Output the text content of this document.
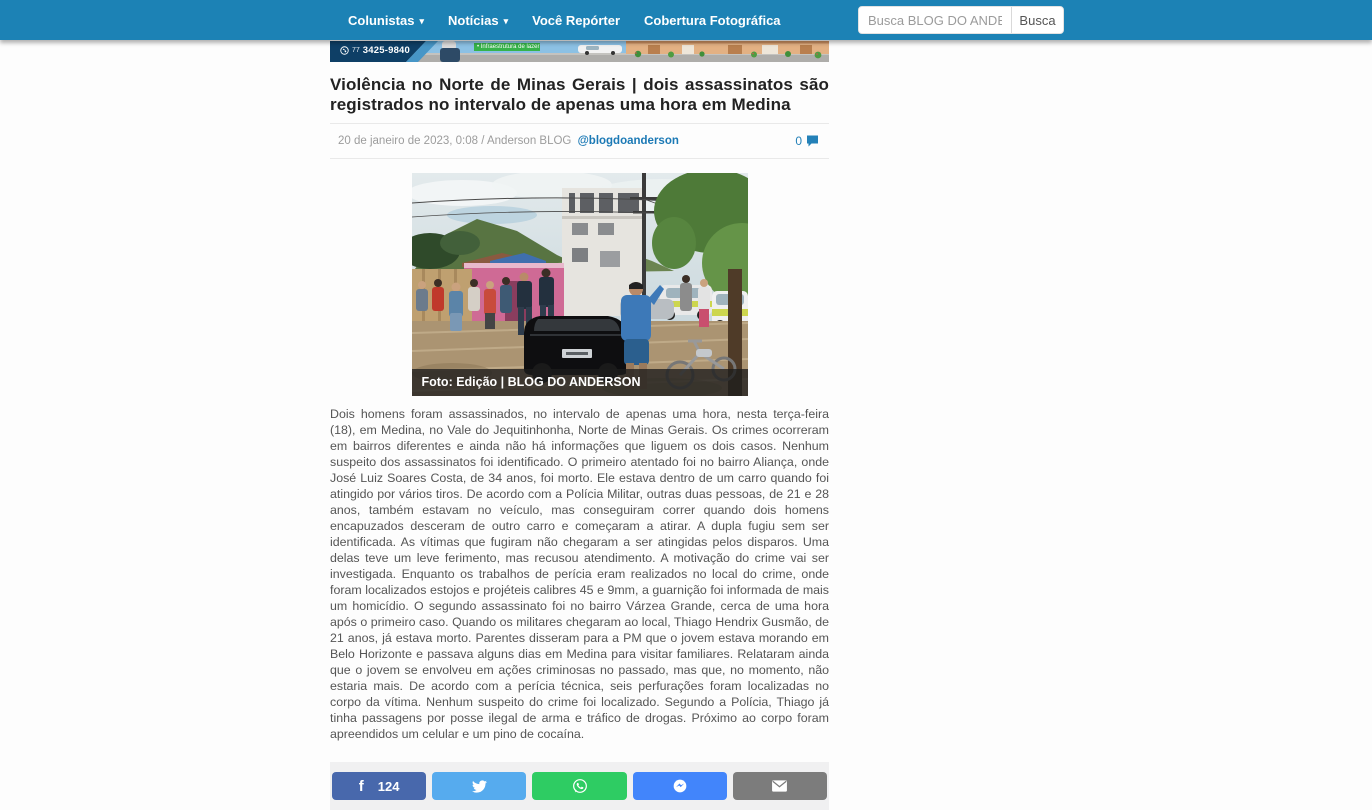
Colunistas ▾ Notícias ▾ Você Repórter Cobertura Fotográfica
Busca BLOG DO ANDERSON	Busca
77 3425-9840	• Infraestrutura de lazer
Violência no Norte de Minas Gerais | dois assassinatos são registrados no intervalo de apenas uma hora em Medina
20 de janeiro de 2023, 0:08 / Anderson BLOG @blogdoanderson	0
Foto: Edição | BLOG DO ANDERSON

Dois homens foram assassinados, no intervalo de apenas uma hora, nesta terça-feira (18), em Medina, no Vale do Jequitinhonha, Norte de Minas Gerais. Os crimes ocorreram em bairros diferentes e ainda não há informações que liguem os dois casos. Nenhum suspeito dos assassinatos foi identificado. O primeiro atentado foi no bairro Aliança, onde José Luiz Soares Costa, de 34 anos, foi morto. Ele estava dentro de um carro quando foi atingido por vários tiros. De acordo com a Polícia Militar, outras duas pessoas, de 21 e 28 anos, também estavam no veículo, mas conseguiram correr quando dois homens encapuzados desceram de outro carro e começaram a atirar. A dupla fugiu sem ser identificada. As vítimas que fugiram não chegaram a ser atingidas pelos disparos. Uma delas teve um leve ferimento, mas recusou atendimento. A motivação do crime vai ser investigada. Enquanto os trabalhos de perícia eram realizados no local do crime, onde foram localizados estojos e projéteis calibres 45 e 9mm, a guarnição foi informada de mais um homicídio. O segundo assassinato foi no bairro Várzea Grande, cerca de uma hora após o primeiro caso. Quando os militares chegaram ao local, Thiago Hendrix Gusmão, de 21 anos, já estava morto. Parentes disseram para a PM que o jovem estava morando em Belo Horizonte e passava alguns dias em Medina para visitar familiares. Relataram ainda que o jovem se envolveu em ações criminosas no passado, mas que, no momento, não estaria mais. De acordo com a perícia técnica, seis perfurações foram localizadas no corpo da vítima. Nenhum suspeito do crime foi localizado. Segundo a Polícia, Thiago já tinha passagens por posse ilegal de arma e tráfico de drogas. Próximo ao corpo foram apreendidos um celular e um pino de cocaína.

f 124
